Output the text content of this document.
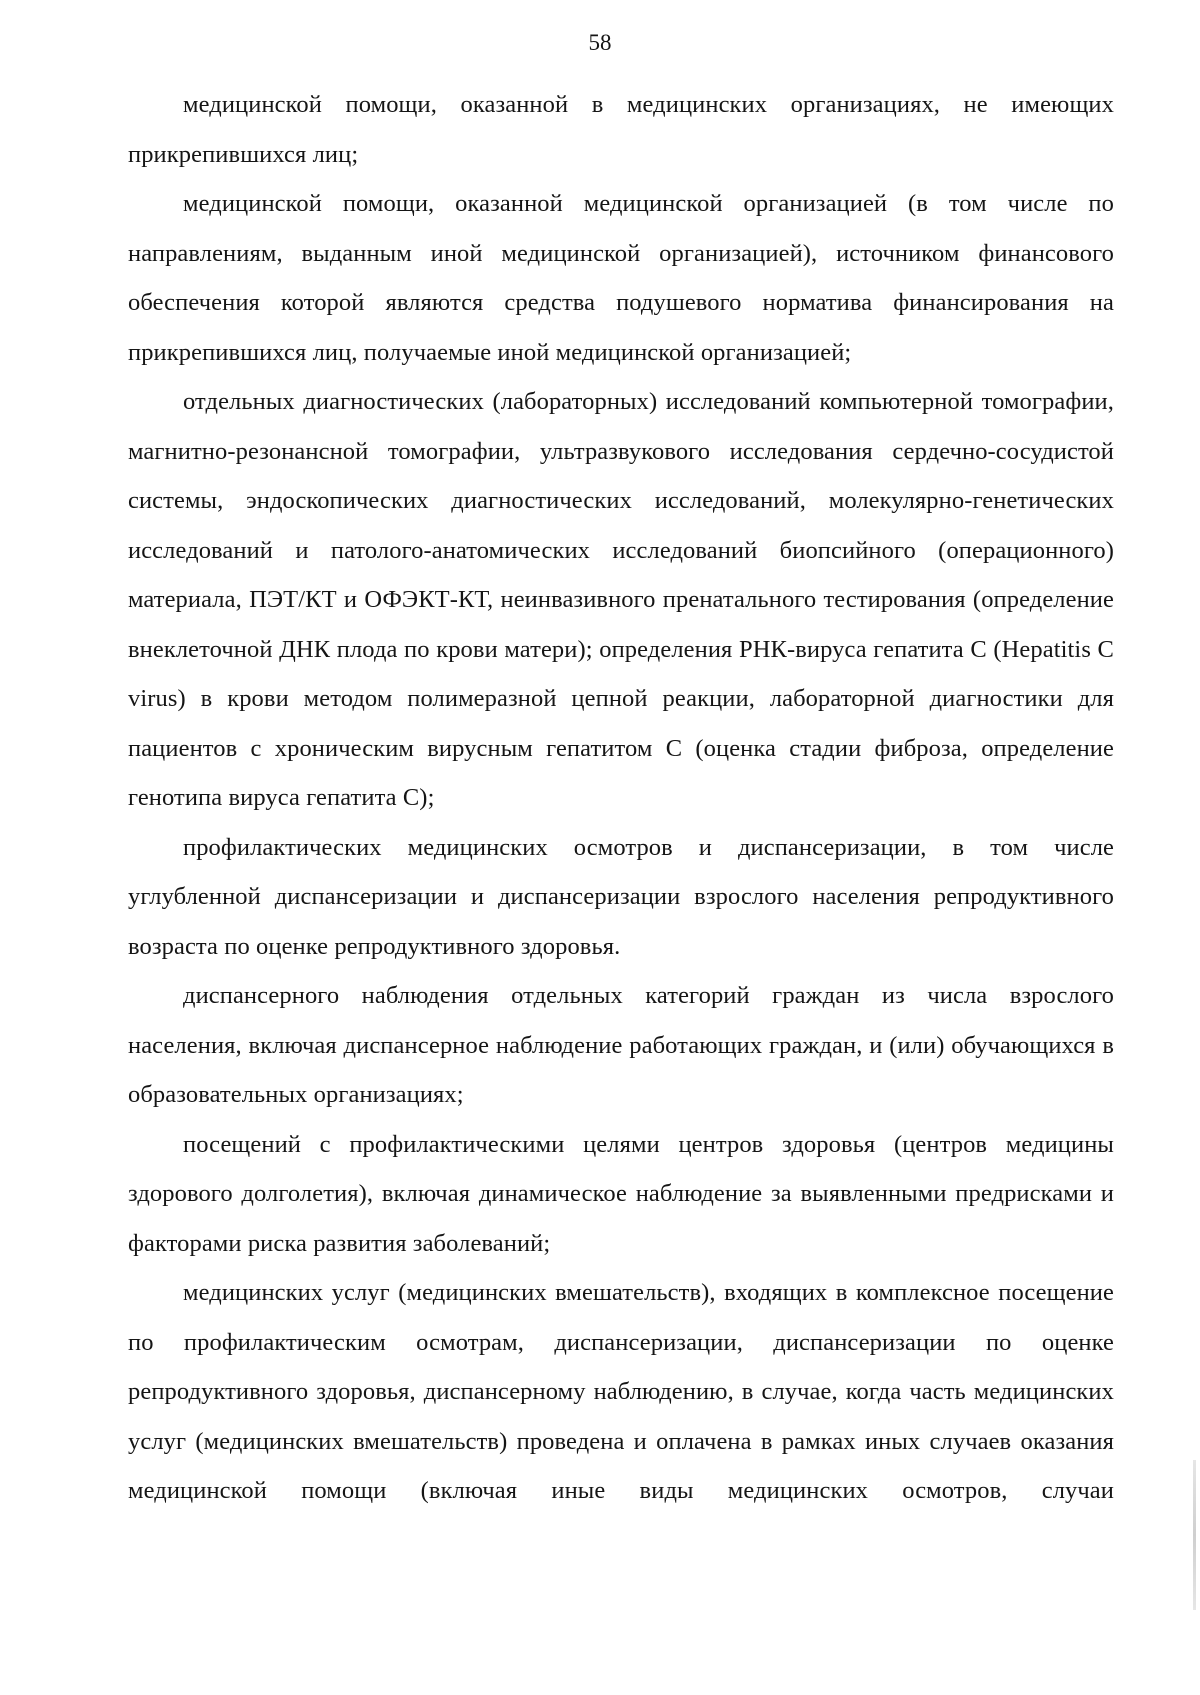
58

медицинской помощи, оказанной в медицинских организациях, не имеющих прикрепившихся лиц;

медицинской помощи, оказанной медицинской организацией (в том числе по направлениям, выданным иной медицинской организацией), источником финансового обеспечения которой являются средства подушевого норматива финансирования на прикрепившихся лиц, получаемые иной медицинской организацией;

отдельных диагностических (лабораторных) исследований компьютерной томографии, магнитно-резонансной томографии, ультразвукового исследования сердечно-сосудистой системы, эндоскопических диагностических исследований, молекулярно-генетических исследований и патолого-анатомических исследований биопсийного (операционного) материала, ПЭТ/КТ и ОФЭКТ-КТ, неинвазивного пренатального тестирования (определение внеклеточной ДНК плода по крови матери); определения РНК-вируса гепатита С (Hepatitis С virus) в крови методом полимеразной цепной реакции, лабораторной диагностики для пациентов с хроническим вирусным гепатитом С (оценка стадии фиброза, определение генотипа вируса гепатита С);

профилактических медицинских осмотров и диспансеризации, в том числе углубленной диспансеризации и диспансеризации взрослого населения репродуктивного возраста по оценке репродуктивного здоровья.

диспансерного наблюдения отдельных категорий граждан из числа взрослого населения, включая диспансерное наблюдение работающих граждан, и (или) обучающихся в образовательных организациях;

посещений с профилактическими целями центров здоровья (центров медицины здорового долголетия), включая динамическое наблюдение за выявленными предрисками и факторами риска развития заболеваний;

медицинских услуг (медицинских вмешательств), входящих в комплексное посещение по профилактическим осмотрам, диспансеризации, диспансеризации по оценке репродуктивного здоровья, диспансерному наблюдению, в случае, когда часть медицинских услуг (медицинских вмешательств) проведена и оплачена в рамках иных случаев оказания медицинской помощи (включая иные виды медицинских осмотров, случаи
